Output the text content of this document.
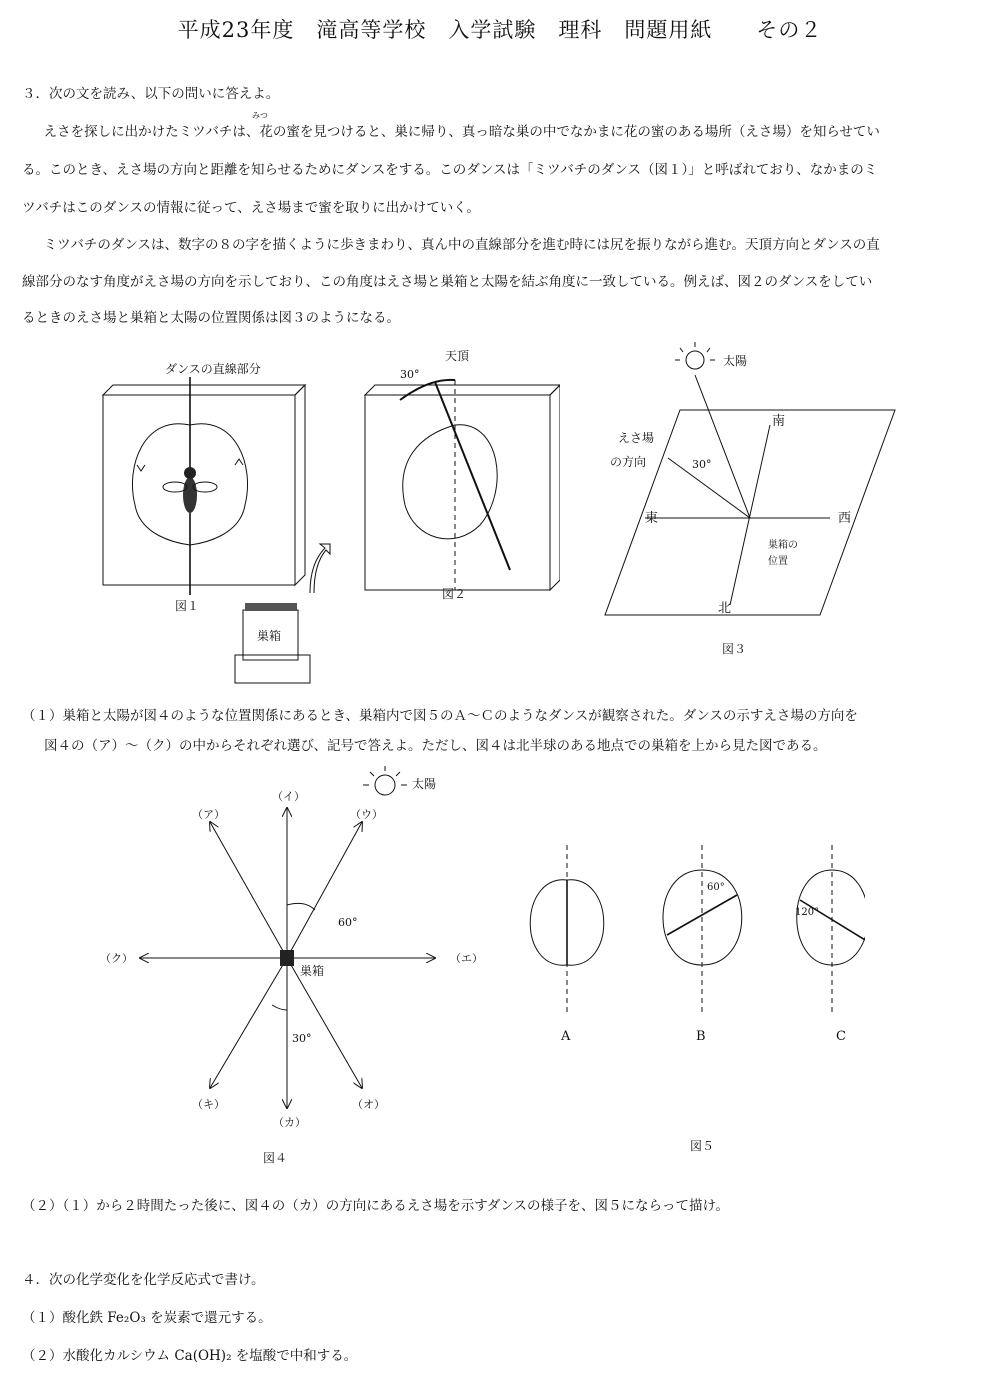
平成23年度　滝高等学校　入学試験　理科　問題用紙　　その２
３．次の文を読み、以下の問いに答えよ。
みつ
えさを探しに出かけたミツバチは、花の蜜を見つけると、巣に帰り、真っ暗な巣の中でなかまに花の蜜のある場所（えさ場）を知らせてい
る。このとき、えさ場の方向と距離を知らせるためにダンスをする。このダンスは「ミツバチのダンス（図１）」と呼ばれており、なかまのミ
ツバチはこのダンスの情報に従って、えさ場まで蜜を取りに出かけていく。
ミツバチのダンスは、数字の８の字を描くように歩きまわり、真ん中の直線部分を進む時には尻を振りながら進む。天頂方向とダンスの直
線部分のなす角度がえさ場の方向を示しており、この角度はえさ場と巣箱と太陽を結ぶ角度に一致している。例えば、図２のダンスをしてい
るときのえさ場と巣箱と太陽の位置関係は図３のようになる。
ダンスの直線部分
図１
巣箱
天頂
30°
図２
太陽
えさ場
の方向	30°
南
東	西
北
巣箱の
位置
図３
（１）巣箱と太陽が図４のような位置関係にあるとき、巣箱内で図５のＡ～Ｃのようなダンスが観察された。ダンスの示すえさ場の方向を
図４の（ア）～（ク）の中からそれぞれ選び、記号で答えよ。ただし、図４は北半球のある地点での巣箱を上から見た図である。
太陽
（ア）
（イ）
（ウ）
（エ）
（オ）
（カ）
（キ）
（ク）
巣箱
60°
30°
図４
A	B	C
60°
120°
図５
（２）（１）から２時間たった後に、図４の（カ）の方向にあるえさ場を示すダンスの様子を、図５にならって描け。
４．次の化学変化を化学反応式で書け。
（１）酸化鉄 Fe₂O₃ を炭素で還元する。
（２）水酸化カルシウム Ca(OH)₂ を塩酸で中和する。
